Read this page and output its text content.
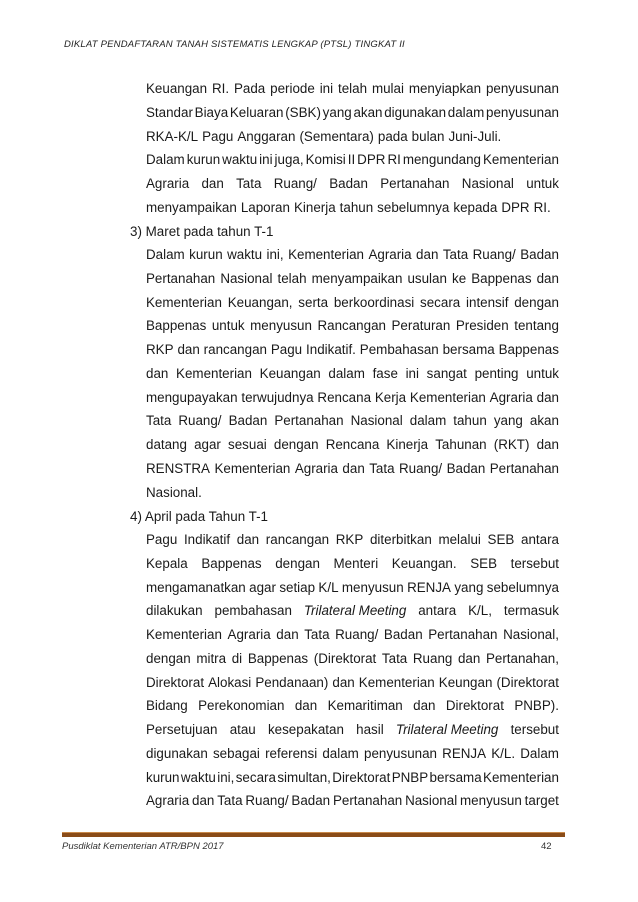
DIKLAT PENDAFTARAN TANAH SISTEMATIS LENGKAP (PTSL) TINGKAT II
Keuangan RI. Pada periode ini telah mulai menyiapkan penyusunan
Standar Biaya Keluaran (SBK) yang akan digunakan dalam penyusunan
RKA-K/L Pagu Anggaran (Sementara) pada bulan Juni-Juli.
Dalam kurun waktu ini juga, Komisi II DPR RI mengundang Kementerian
Agraria dan Tata Ruang/ Badan Pertanahan Nasional untuk
menyampaikan Laporan Kinerja tahun sebelumnya kepada DPR RI.
3) Maret pada tahun T-1
Dalam kurun waktu ini, Kementerian Agraria dan Tata Ruang/ Badan
Pertanahan Nasional telah menyampaikan usulan ke Bappenas dan
Kementerian Keuangan, serta berkoordinasi secara intensif dengan
Bappenas untuk menyusun Rancangan Peraturan Presiden tentang
RKP dan rancangan Pagu Indikatif. Pembahasan bersama Bappenas
dan Kementerian Keuangan dalam fase ini sangat penting untuk
mengupayakan terwujudnya Rencana Kerja Kementerian Agraria dan
Tata Ruang/ Badan Pertanahan Nasional dalam tahun yang akan
datang agar sesuai dengan Rencana Kinerja Tahunan (RKT) dan
RENSTRA Kementerian Agraria dan Tata Ruang/ Badan Pertanahan
Nasional.
4) April pada Tahun T-1
Pagu Indikatif dan rancangan RKP diterbitkan melalui SEB antara
Kepala Bappenas dengan Menteri Keuangan. SEB tersebut
mengamanatkan agar setiap K/L menyusun RENJA yang sebelumnya
dilakukan pembahasan Trilateral Meeting antara K/L, termasuk
Kementerian Agraria dan Tata Ruang/ Badan Pertanahan Nasional,
dengan mitra di Bappenas (Direktorat Tata Ruang dan Pertanahan,
Direktorat Alokasi Pendanaan) dan Kementerian Keungan (Direktorat
Bidang Perekonomian dan Kemaritiman dan Direktorat PNBP).
Persetujuan atau kesepakatan hasil Trilateral Meeting tersebut
digunakan sebagai referensi dalam penyusunan RENJA K/L. Dalam
kurun waktu ini, secara simultan, Direktorat PNBP bersama Kementerian
Agraria dan Tata Ruang/ Badan Pertanahan Nasional menyusun target
Pusdiklat Kementerian ATR/BPN 2017	42
